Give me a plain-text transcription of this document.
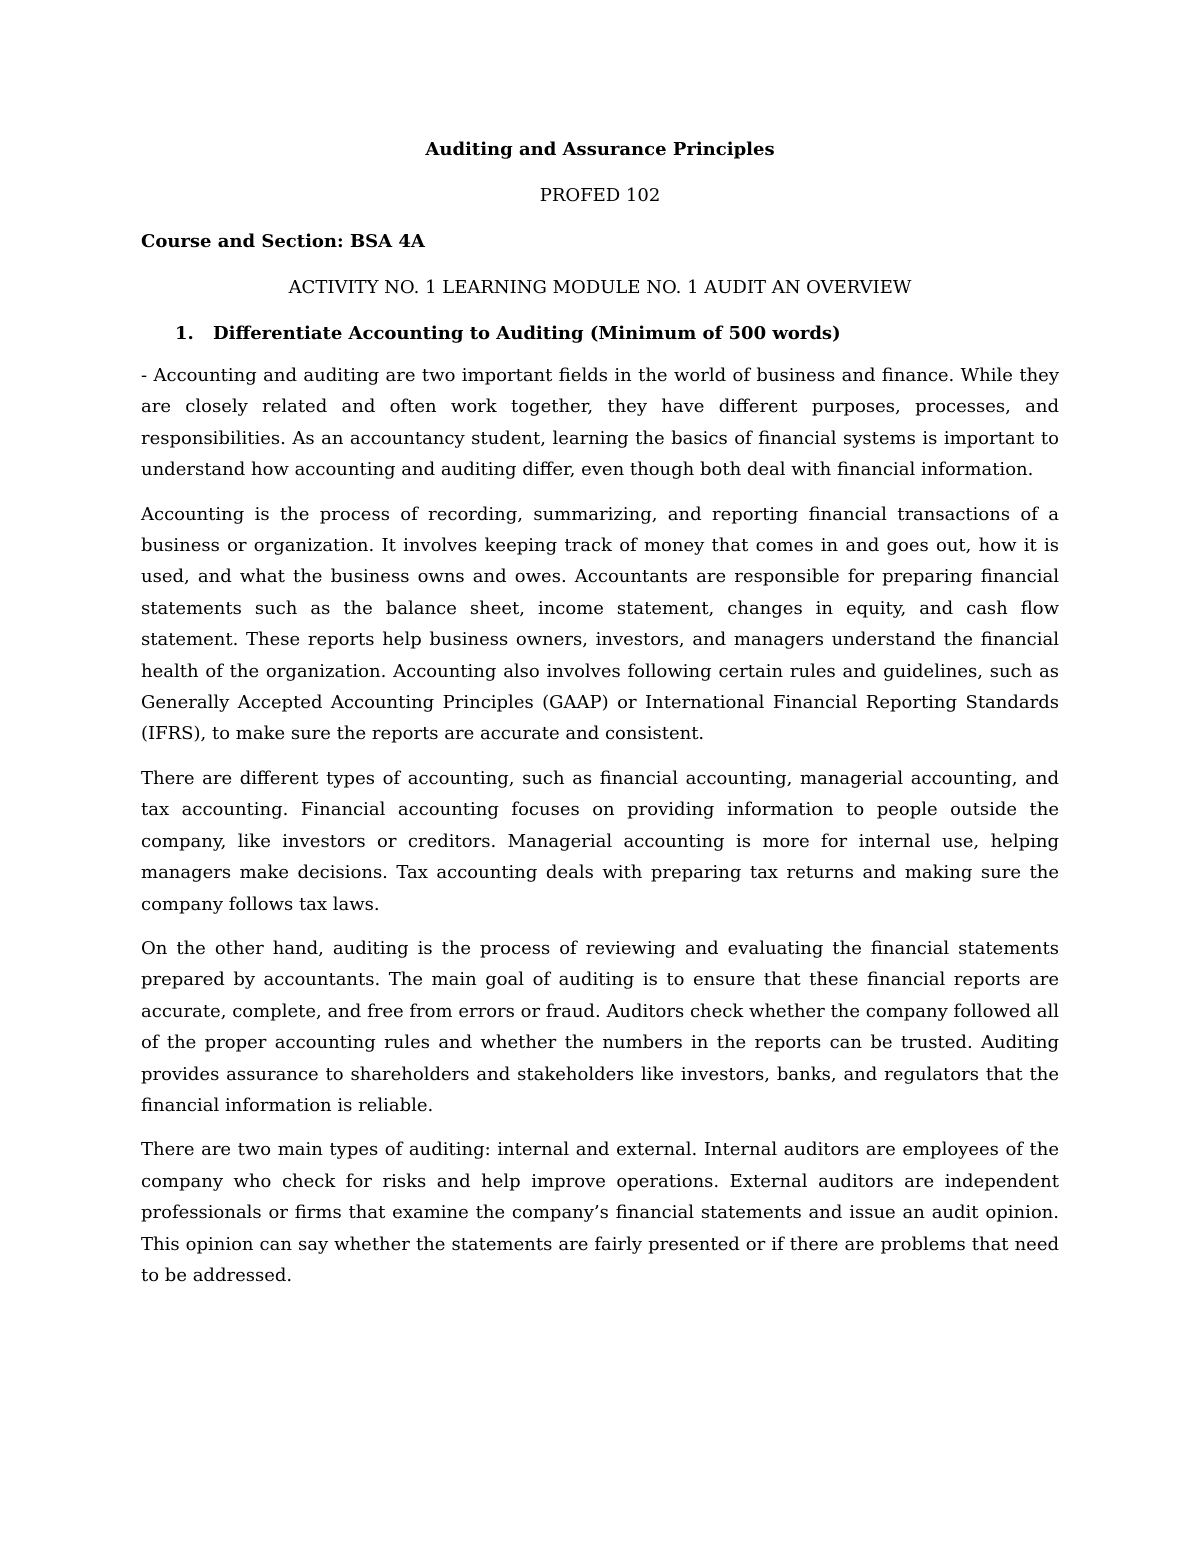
Auditing and Assurance Principles

PROFED 102

Course and Section: BSA 4A

ACTIVITY NO. 1 LEARNING MODULE NO. 1 AUDIT AN OVERVIEW

1. Differentiate Accounting to Auditing (Minimum of 500 words)

- Accounting and auditing are two important fields in the world of business and finance. While they are closely related and often work together, they have different purposes, processes, and responsibilities. As an accountancy student, learning the basics of financial systems is important to understand how accounting and auditing differ, even though both deal with financial information.

Accounting is the process of recording, summarizing, and reporting financial transactions of a business or organization. It involves keeping track of money that comes in and goes out, how it is used, and what the business owns and owes. Accountants are responsible for preparing financial statements such as the balance sheet, income statement, changes in equity, and cash flow statement. These reports help business owners, investors, and managers understand the financial health of the organization. Accounting also involves following certain rules and guidelines, such as Generally Accepted Accounting Principles (GAAP) or International Financial Reporting Standards (IFRS), to make sure the reports are accurate and consistent.

There are different types of accounting, such as financial accounting, managerial accounting, and tax accounting. Financial accounting focuses on providing information to people outside the company, like investors or creditors. Managerial accounting is more for internal use, helping managers make decisions. Tax accounting deals with preparing tax returns and making sure the company follows tax laws.

On the other hand, auditing is the process of reviewing and evaluating the financial statements prepared by accountants. The main goal of auditing is to ensure that these financial reports are accurate, complete, and free from errors or fraud. Auditors check whether the company followed all of the proper accounting rules and whether the numbers in the reports can be trusted. Auditing provides assurance to shareholders and stakeholders like investors, banks, and regulators that the financial information is reliable.

There are two main types of auditing: internal and external. Internal auditors are employees of the company who check for risks and help improve operations. External auditors are independent professionals or firms that examine the company’s financial statements and issue an audit opinion. This opinion can say whether the statements are fairly presented or if there are problems that need to be addressed.
